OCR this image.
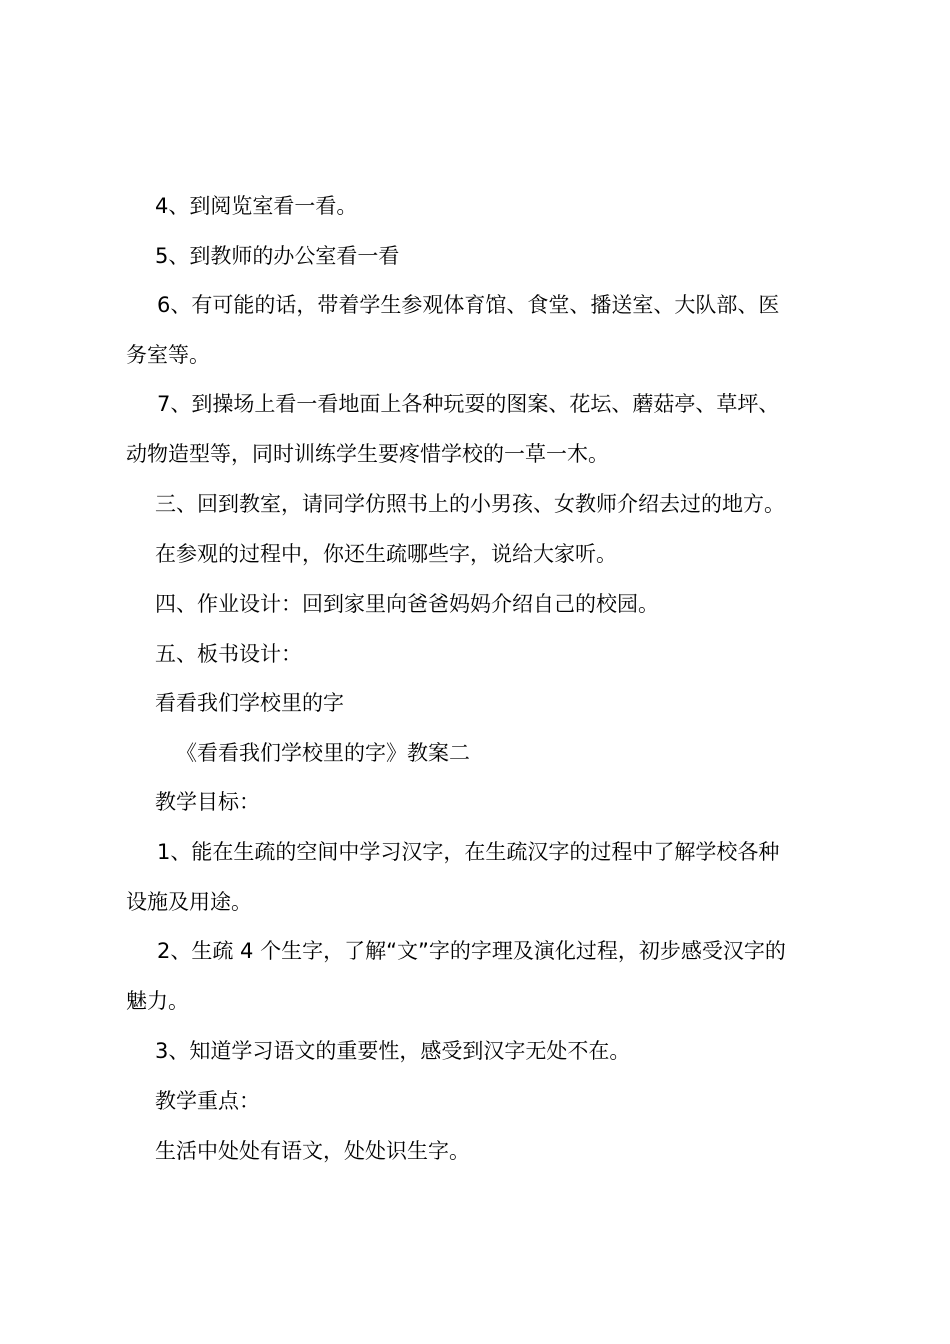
4、到阅览室看一看。
5、到教师的办公室看一看
6、有可能的话，带着学生参观体育馆、食堂、播送室、大队部、医
务室等。
7、到操场上看一看地面上各种玩耍的图案、花坛、蘑菇亭、草坪、
动物造型等，同时训练学生要疼惜学校的一草一木。
三、回到教室，请同学仿照书上的小男孩、女教师介绍去过的地方。
在参观的过程中，你还生疏哪些字，说给大家听。
四、作业设计：回到家里向爸爸妈妈介绍自己的校园。
五、板书设计：
看看我们学校里的字
《看看我们学校里的字》教案二
教学目标：
1、能在生疏的空间中学习汉字，在生疏汉字的过程中了解学校各种
设施及用途。
2、生疏 4 个生字，了解“文”字的字理及演化过程，初步感受汉字的
魅力。
3、知道学习语文的重要性，感受到汉字无处不在。
教学重点：
生活中处处有语文，处处识生字。
